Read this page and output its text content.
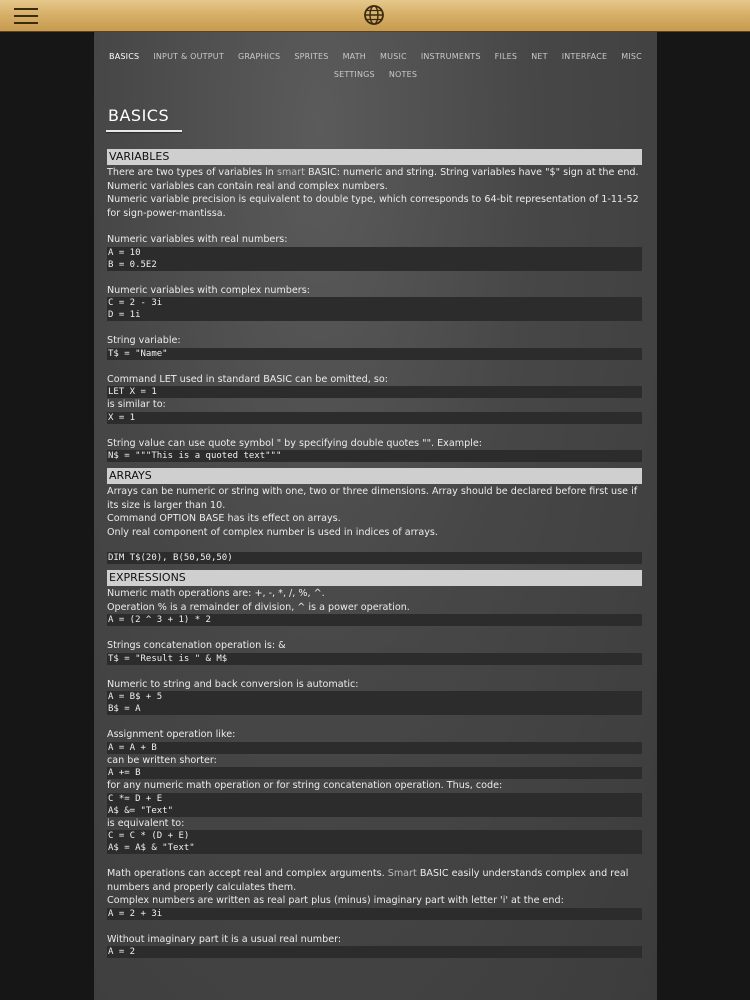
BASICS INPUT & OUTPUT GRAPHICS SPRITES MATH MUSIC INSTRUMENTS FILES NET INTERFACE MISC
SETTINGS NOTES
BASICS
VARIABLES
There are two types of variables in smart BASIC: numeric and string. String variables have "$" sign at the end.
Numeric variables can contain real and complex numbers.
Numeric variable precision is equivalent to double type, which corresponds to 64-bit representation of 1-11-52 for sign-power-mantissa.
Numeric variables with real numbers:
A = 10
B = 0.5E2
Numeric variables with complex numbers:
C = 2 - 3i
D = 1i
String variable:
T$ = "Name"
Command LET used in standard BASIC can be omitted, so:
LET X = 1
is similar to:
X = 1
String value can use quote symbol " by specifying double quotes "". Example:
N$ = """This is a quoted text"""
ARRAYS
Arrays can be numeric or string with one, two or three dimensions. Array should be declared before first use if its size is larger than 10.
Command OPTION BASE has its effect on arrays.
Only real component of complex number is used in indices of arrays.
DIM T$(20), B(50,50,50)
EXPRESSIONS
Numeric math operations are: +, -, *, /, %, ^.
Operation % is a remainder of division, ^ is a power operation.
A = (2 ^ 3 + 1) * 2
Strings concatenation operation is: &
T$ = "Result is " & M$
Numeric to string and back conversion is automatic:
A = B$ + 5
B$ = A
Assignment operation like:
A = A + B
can be written shorter:
A += B
for any numeric math operation or for string concatenation operation. Thus, code:
C *= D + E
A$ &= "Text"
is equivalent to:
C = C * (D + E)
A$ = A$ & "Text"
Math operations can accept real and complex arguments. Smart BASIC easily understands complex and real numbers and properly calculates them.
Complex numbers are written as real part plus (minus) imaginary part with letter 'i' at the end:
A = 2 + 3i
Without imaginary part it is a usual real number:
A = 2
